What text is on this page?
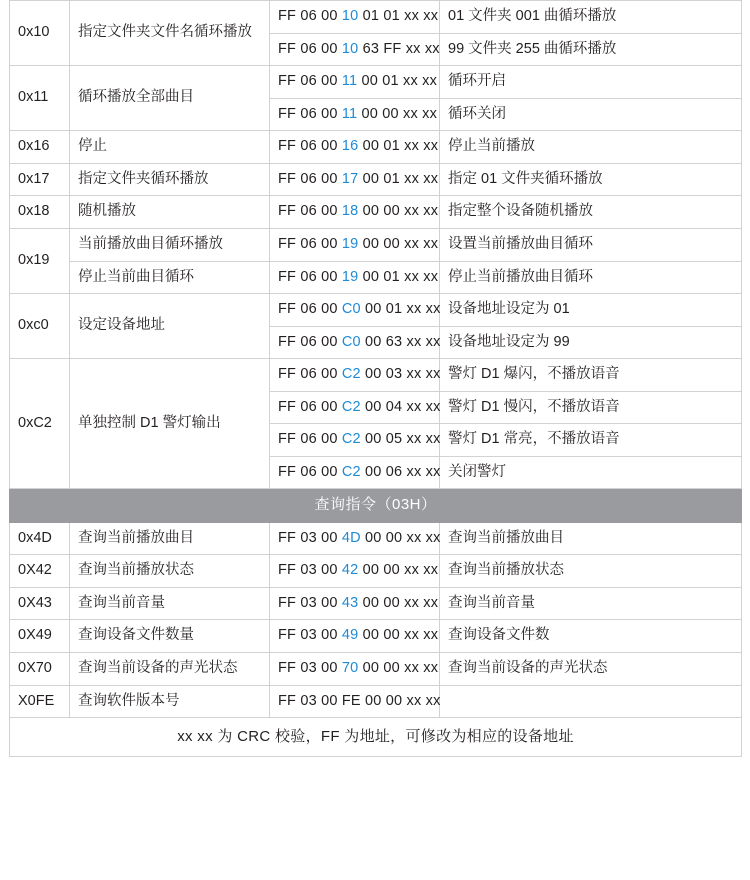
0x10	指定文件夹文件名循环播放	FF 06 00 10 01 01 xx xx	01 文件夹 001 曲循环播放
		FF 06 00 10 63 FF xx xx	99 文件夹 255 曲循环播放
0x11	循环播放全部曲目	FF 06 00 11 00 01 xx xx	循环开启
		FF 06 00 11 00 00 xx xx	循环关闭
0x16	停止	FF 06 00 16 00 01 xx xx	停止当前播放
0x17	指定文件夹循环播放	FF 06 00 17 00 01 xx xx	指定 01 文件夹循环播放
0x18	随机播放	FF 06 00 18 00 00 xx xx	指定整个设备随机播放
0x19	当前播放曲目循环播放	FF 06 00 19 00 00 xx xx	设置当前播放曲目循环
	停止当前曲目循环	FF 06 00 19 00 01 xx xx	停止当前播放曲目循环
0xc0	设定设备地址	FF 06 00 C0 00 01 xx xx	设备地址设定为 01
		FF 06 00 C0 00 63 xx xx	设备地址设定为 99
0xC2	单独控制 D1 警灯输出	FF 06 00 C2 00 03 xx xx	警灯 D1 爆闪，不播放语音
		FF 06 00 C2 00 04 xx xx	警灯 D1 慢闪，不播放语音
		FF 06 00 C2 00 05 xx xx	警灯 D1 常亮，不播放语音
		FF 06 00 C2 00 06 xx xx	关闭警灯
查询指令（03H）			
0x4D	查询当前播放曲目	FF 03 00 4D 00 00 xx xx	查询当前播放曲目
0X42	查询当前播放状态	FF 03 00 42 00 00 xx xx	查询当前播放状态
0X43	查询当前音量	FF 03 00 43 00 00 xx xx	查询当前音量
0X49	查询设备文件数量	FF 03 00 49 00 00 xx xx	查询设备文件数
0X70	查询当前设备的声光状态	FF 03 00 70 00 00 xx xx	查询当前设备的声光状态
X0FE	查询软件版本号	FF 03 00 FE 00 00 xx xx	
xx xx 为 CRC 校验，FF 为地址，可修改为相应的设备地址			
